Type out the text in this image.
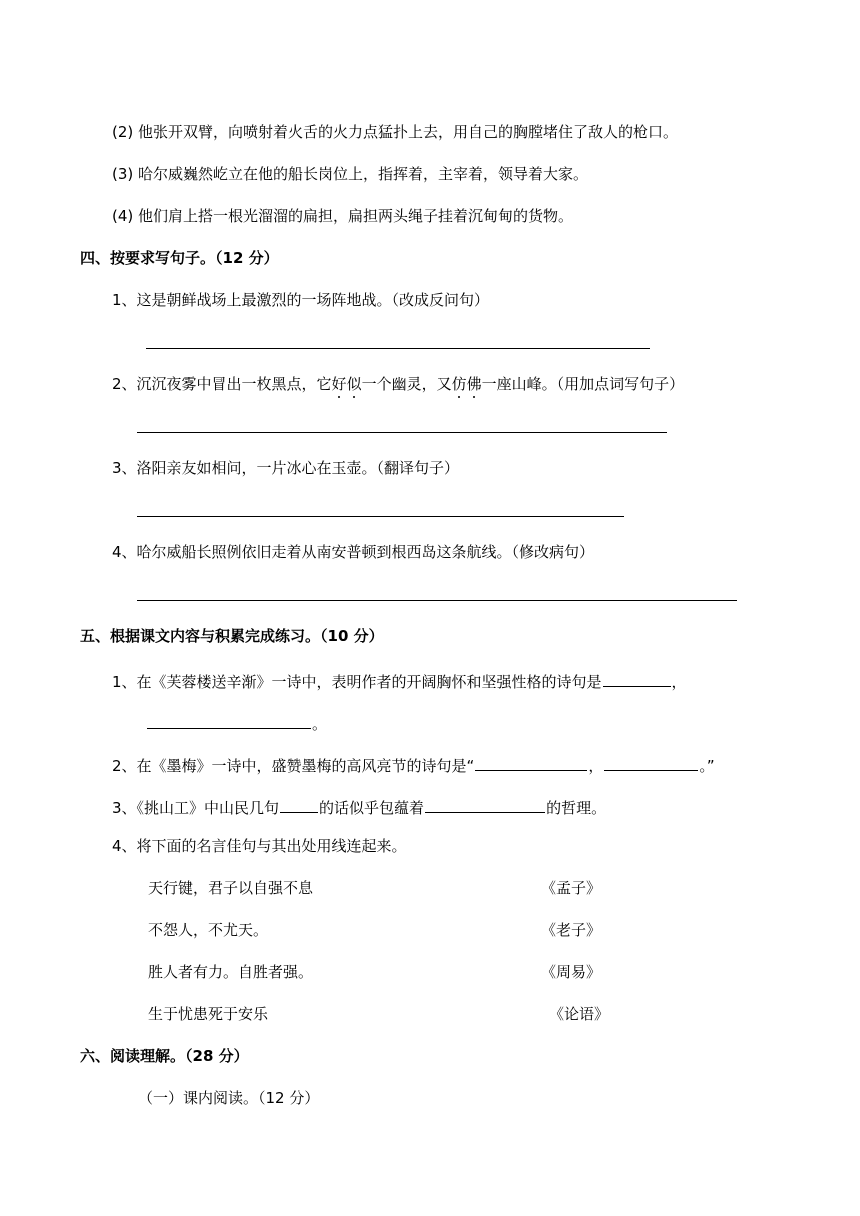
(2) 他张开双臂，向喷射着火舌的火力点猛扑上去，用自己的胸膛堵住了敌人的枪口。
(3) 哈尔威巍然屹立在他的船长岗位上，指挥着，主宰着，领导着大家。
(4) 他们肩上搭一根光溜溜的扁担，扁担两头绳子挂着沉甸甸的货物。
四、按要求写句子。（12 分）
1、这是朝鲜战场上最激烈的一场阵地战。（改成反问句）
2、沉沉夜雾中冒出一枚黑点，它好似一个幽灵，又仿佛一座山峰。（用加点词写句子）
3、洛阳亲友如相问，一片冰心在玉壶。（翻译句子）
4、哈尔威船长照例依旧走着从南安普顿到根西岛这条航线。（修改病句）
五、根据课文内容与积累完成练习。（10 分）
1、在《芙蓉楼送辛渐》一诗中，表明作者的开阔胸怀和坚强性格的诗句是	，
。
2、在《墨梅》一诗中，盛赞墨梅的高风亮节的诗句是“	，	。”
3、《挑山工》中山民几句	的话似乎包蕴着	的哲理。
4、将下面的名言佳句与其出处用线连起来。
天行键，君子以自强不息
不怨人，不尤天。
胜人者有力。自胜者强。
生于忧患死于安乐
《孟子》
《老子》
《周易》
《论语》
六、阅读理解。（28 分）
（一）课内阅读。（12 分）
